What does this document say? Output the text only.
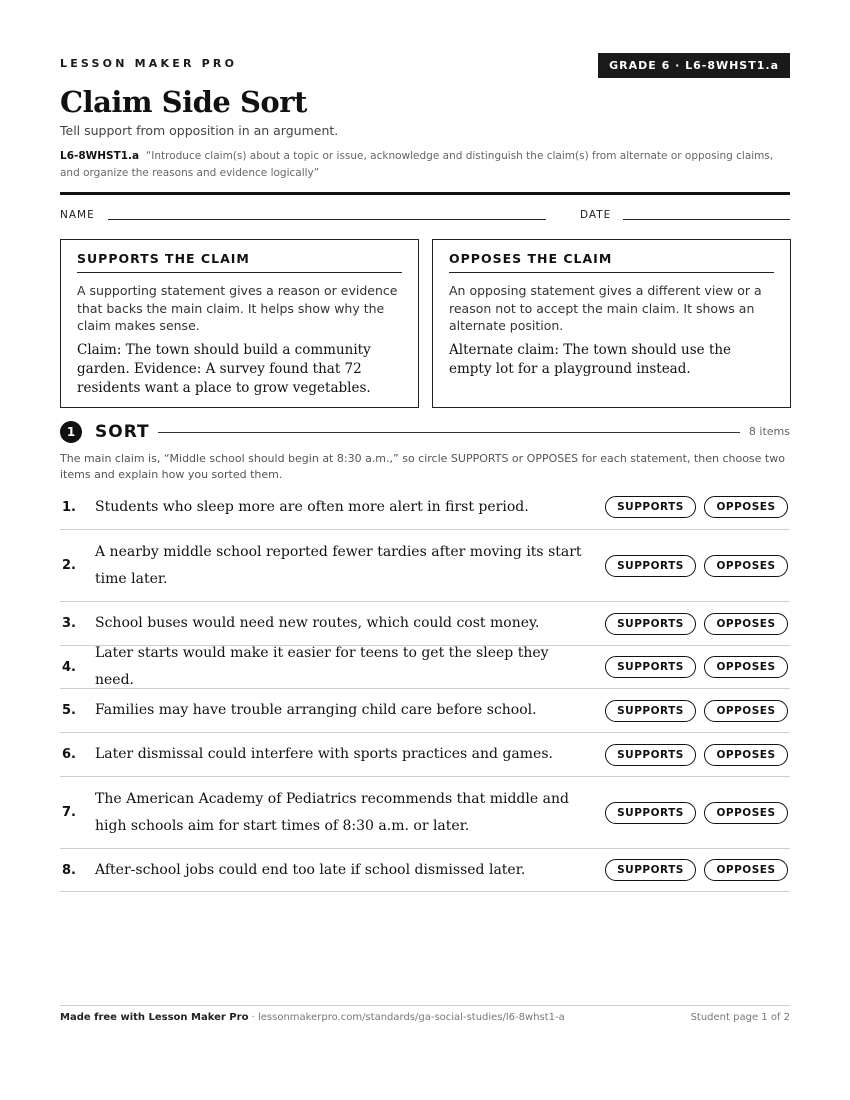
LESSON MAKER PRO	GRADE 6 · L6-8WHST1.a
Claim Side Sort
Tell support from opposition in an argument.
L6-8WHST1.a “Introduce claim(s) about a topic or issue, acknowledge and distinguish the claim(s) from alternate or opposing claims, and organize the reasons and evidence logically”
NAME	DATE
SUPPORTS THE CLAIM
A supporting statement gives a reason or evidence that backs the main claim. It helps show why the claim makes sense.
Claim: The town should build a community garden. Evidence: A survey found that 72 residents want a place to grow vegetables.
OPPOSES THE CLAIM
An opposing statement gives a different view or a reason not to accept the main claim. It shows an alternate position.
Alternate claim: The town should use the empty lot for a playground instead.
1	SORT	8 items
The main claim is, “Middle school should begin at 8:30 a.m.,” so circle SUPPORTS or OPPOSES for each statement, then choose two items and explain how you sorted them.
1. Students who sleep more are often more alert in first period.	SUPPORTS	OPPOSES
2.
A nearby middle school reported fewer tardies after moving its start time later.
SUPPORTS	OPPOSES
3. School buses would need new routes, which could cost money.	SUPPORTS	OPPOSES
4.
Later starts would make it easier for teens to get the sleep they need.
SUPPORTS	OPPOSES
5. Families may have trouble arranging child care before school.	SUPPORTS	OPPOSES
6. Later dismissal could interfere with sports practices and games.	SUPPORTS	OPPOSES
7.
The American Academy of Pediatrics recommends that middle and high schools aim for start times of 8:30 a.m. or later.
SUPPORTS	OPPOSES
8. After-school jobs could end too late if school dismissed later.	SUPPORTS	OPPOSES
Made free with Lesson Maker Pro · lessonmakerpro.com/standards/ga-social-studies/l6-8whst1-a	Student page 1 of 2
